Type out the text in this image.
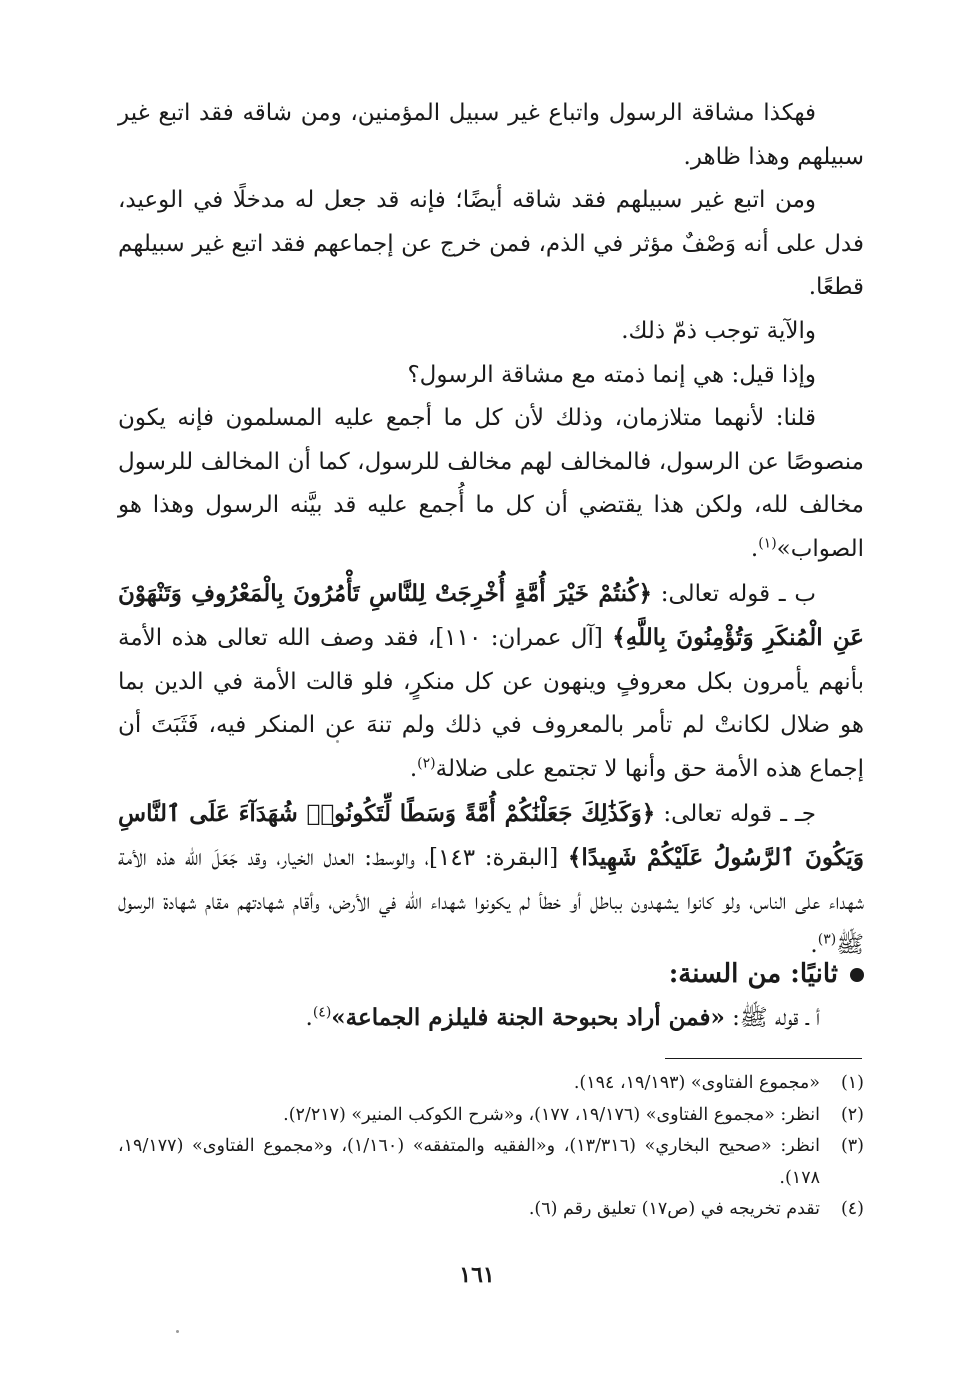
فهكذا مشاقة الرسول واتباع غير سبيل المؤمنين، ومن شاقه فقد اتبع غير سبيلهم وهذا ظاهر.

ومن اتبع غير سبيلهم فقد شاقه أيضًا؛ فإنه قد جعل له مدخلًا في الوعيد، فدل على أنه وَصْفٌ مؤثر في الذم، فمن خرج عن إجماعهم فقد اتبع غير سبيلهم قطعًا.

والآية توجب ذمّ ذلك.

وإذا قيل: هي إنما ذمته مع مشاقة الرسول؟

قلنا: لأنهما متلازمان، وذلك لأن كل ما أجمع عليه المسلمون فإنه يكون منصوصًا عن الرسول، فالمخالف لهم مخالف للرسول، كما أن المخالف للرسول مخالف لله، ولكن هذا يقتضي أن كل ما أُجمع عليه قد بيَّنه الرسول وهذا هو الصواب»$^{(١)}$.

ب ـ قوله تعالى: ﴿كُنتُمْ خَيْرَ أُمَّةٍ أُخْرِجَتْ لِلنَّاسِ تَأْمُرُونَ بِالْمَعْرُوفِ وَتَنْهَوْنَ عَنِ الْمُنكَرِ وَتُؤْمِنُونَ بِاللَّهِ﴾ [آل عمران: ١١٠]، فقد وصف الله تعالى هذه الأمة بأنهم يأمرون بكل معروفٍ وينهون عن كل منكرٍ، فلو قالت الأمة في الدين بما هو ضلال لكانتْ لم تأمر بالمعروف في ذلك ولم تنهَ عن المنكر فيه، فَثَبَتَ أن إجماع هذه الأمة حق وأنها لا تجتمع على ضلالة$^{(٢)}$.

جـ ـ قوله تعالى: ﴿وَكَذَٰلِكَ جَعَلْنَٰكُمْ أُمَّةً وَسَطًا لِّتَكُونُوا۟ شُهَدَآءَ عَلَى ٱلنَّاسِ وَيَكُونَ ٱلرَّسُولُ عَلَيْكُمْ شَهِيدًا﴾ [البقرة: ١٤٣]، والوسط: العدل الخيار، وقد جَعَلَ الله هذه الأمة شهداء على الناس، ولو كانوا يشهدون بباطل أو خطأ لم يكونوا شهداء الله في الأرض، وأقام شهادتهم مقام شهادة الرسول ﷺ$^{(٣)}$.

ثانيًا: من السنة:
أ ـ قوله ﷺ: «فمن أراد بحبوحة الجنة فليلزم الجماعة»$^{(٤)}$.
(١)
«مجموع الفتاوى» (١٩/١٩٣، ١٩٤).
(٢)
انظر: «مجموع الفتاوى» (١٩/١٧٦، ١٧٧)، و«شرح الكوكب المنير» (٢/٢١٧).
(٣)
انظر: «صحيح البخاري» (١٣/٣١٦)، و«الفقيه والمتفقه» (١/١٦٠)، و«مجموع الفتاوى» (١٩/١٧٧، ١٧٨).
(٤)
تقدم تخريجه في (ص١٧) تعليق رقم (٦).
١٦١
